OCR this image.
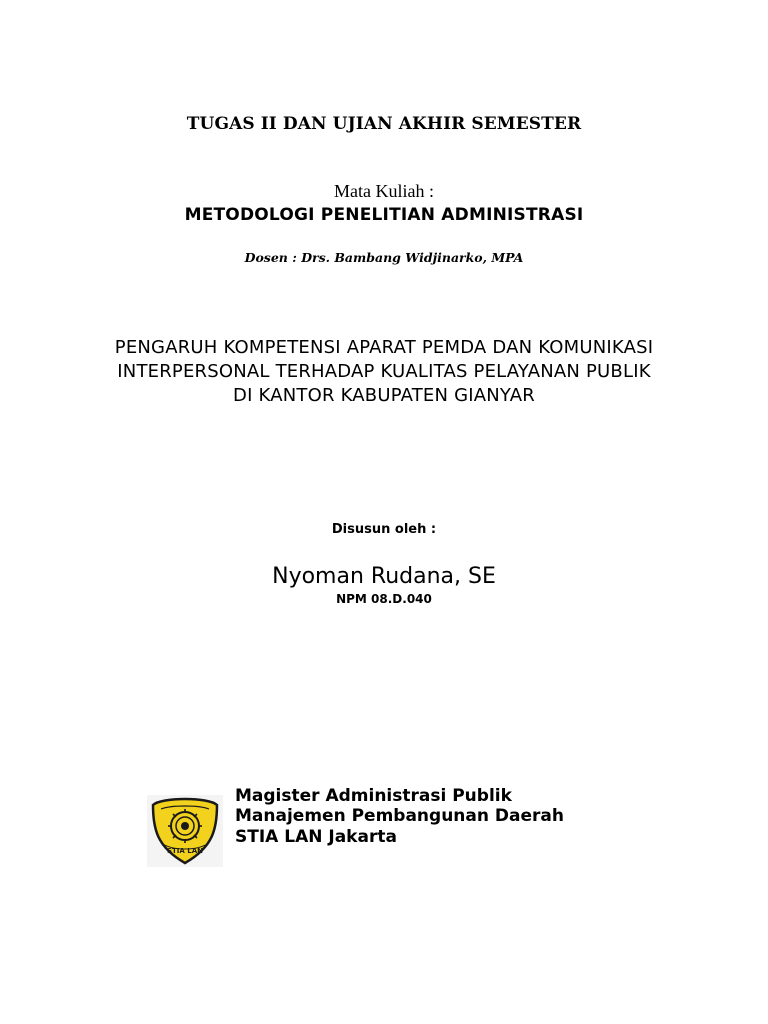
TUGAS II DAN UJIAN AKHIR SEMESTER
Mata Kuliah :
METODOLOGI PENELITIAN ADMINISTRASI
Dosen : Drs. Bambang Widjinarko, MPA
PENGARUH KOMPETENSI APARAT PEMDA DAN KOMUNIKASI
INTERPERSONAL TERHADAP KUALITAS PELAYANAN PUBLIK
DI KANTOR KABUPATEN GIANYAR
Disusun oleh :
Nyoman Rudana, SE
NPM 08.D.040
STIA LAN
Magister Administrasi Publik
Manajemen Pembangunan Daerah
STIA LAN Jakarta
